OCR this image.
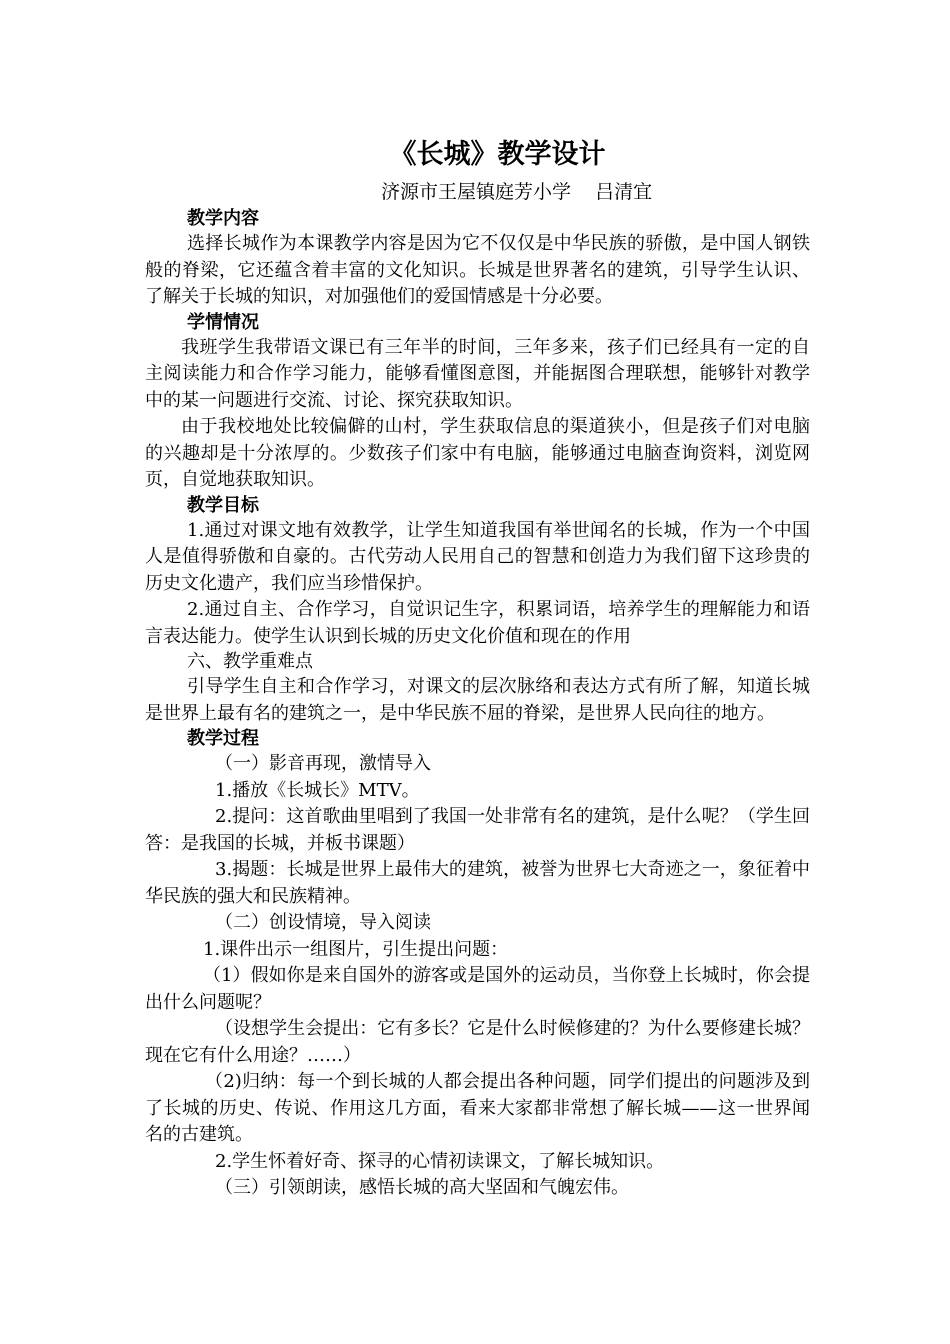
《长城》教学设计

济源市王屋镇庭芳小学    吕清宜

教学内容

选择长城作为本课教学内容是因为它不仅仅是中华民族的骄傲，是中国人钢铁般的脊梁，它还蕴含着丰富的文化知识。长城是世界著名的建筑，引导学生认识、了解关于长城的知识，对加强他们的爱国情感是十分必要。

学情情况

我班学生我带语文课已有三年半的时间，三年多来，孩子们已经具有一定的自主阅读能力和合作学习能力，能够看懂图意图，并能据图合理联想，能够针对教学中的某一问题进行交流、讨论、探究获取知识。

由于我校地处比较偏僻的山村，学生获取信息的渠道狭小，但是孩子们对电脑的兴趣却是十分浓厚的。少数孩子们家中有电脑，能够通过电脑查询资料，浏览网页，自觉地获取知识。

教学目标

1.通过对课文地有效教学，让学生知道我国有举世闻名的长城，作为一个中国人是值得骄傲和自豪的。古代劳动人民用自己的智慧和创造力为我们留下这珍贵的历史文化遗产，我们应当珍惜保护。

2.通过自主、合作学习，自觉识记生字，积累词语，培养学生的理解能力和语言表达能力。使学生认识到长城的历史文化价值和现在的作用

六、教学重难点

引导学生自主和合作学习，对课文的层次脉络和表达方式有所了解，知道长城是世界上最有名的建筑之一，是中华民族不屈的脊梁，是世界人民向往的地方。

教学过程

（一）影音再现，激情导入

1.播放《长城长》MTV。

2.提问：这首歌曲里唱到了我国一处非常有名的建筑，是什么呢？（学生回答：是我国的长城，并板书课题）

3.揭题：长城是世界上最伟大的建筑，被誉为世界七大奇迹之一，象征着中华民族的强大和民族精神。

（二）创设情境，导入阅读

1.课件出示一组图片，引生提出问题：

（1）假如你是来自国外的游客或是国外的运动员，当你登上长城时，你会提出什么问题呢？

（设想学生会提出：它有多长？它是什么时候修建的？为什么要修建长城？现在它有什么用途？……）

（2)归纳：每一个到长城的人都会提出各种问题，同学们提出的问题涉及到了长城的历史、传说、作用这几方面，看来大家都非常想了解长城——这一世界闻名的古建筑。

2.学生怀着好奇、探寻的心情初读课文，了解长城知识。

（三）引领朗读，感悟长城的高大坚固和气魄宏伟。
